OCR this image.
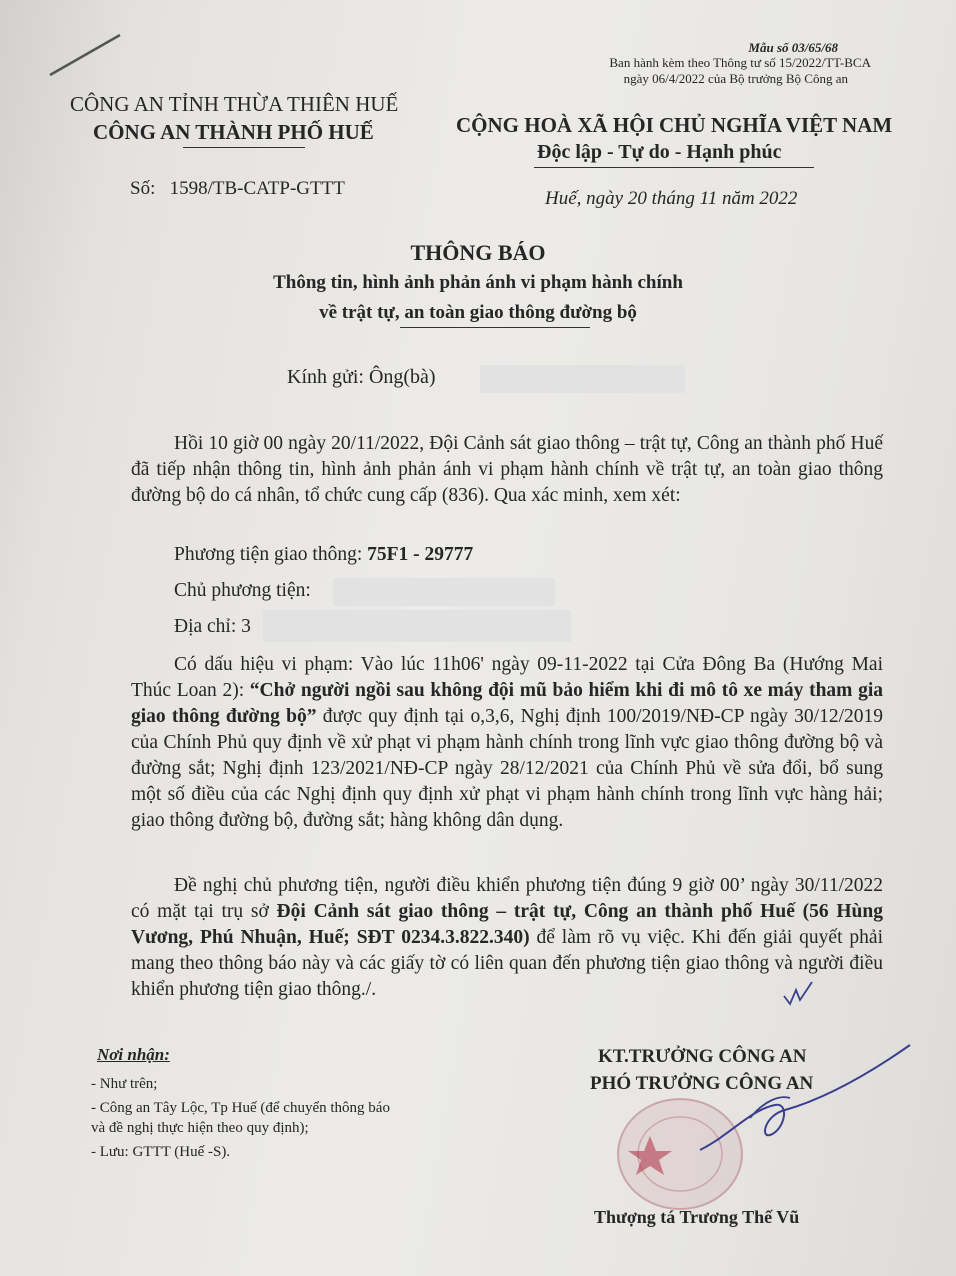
Mẫu số 03/65/68
Ban hành kèm theo Thông tư số 15/2022/TT-BCA
ngày 06/4/2022 của Bộ trưởng Bộ Công an
CÔNG AN TỈNH THỪA THIÊN HUẾ
CÔNG AN THÀNH PHỐ HUẾ	CỘNG HOÀ XÃ HỘI CHỦ NGHĨA VIỆT NAM
Độc lập - Tự do - Hạnh phúc
Số: 1598/TB-CATP-GTTT	Huế, ngày 20 tháng 11 năm 2022
THÔNG BÁO
Thông tin, hình ảnh phản ánh vi phạm hành chính
về trật tự, an toàn giao thông đường bộ
Kính gửi: Ông(bà)
Hồi 10 giờ 00 ngày 20/11/2022, Đội Cảnh sát giao thông – trật tự, Công an thành phố Huế đã tiếp nhận thông tin, hình ảnh phản ánh vi phạm hành chính về trật tự, an toàn giao thông đường bộ do cá nhân, tổ chức cung cấp (836). Qua xác minh, xem xét:
Phương tiện giao thông: 75F1 - 29777
Chủ phương tiện:
Địa chỉ: 3
Có dấu hiệu vi phạm: Vào lúc 11h06' ngày 09-11-2022 tại Cửa Đông Ba (Hướng Mai Thúc Loan 2): “Chở người ngồi sau không đội mũ bảo hiểm khi đi mô tô xe máy tham gia giao thông đường bộ” được quy định tại o,3,6, Nghị định 100/2019/NĐ-CP ngày 30/12/2019 của Chính Phủ quy định về xử phạt vi phạm hành chính trong lĩnh vực giao thông đường bộ và đường sắt; Nghị định 123/2021/NĐ-CP ngày 28/12/2021 của Chính Phủ về sửa đổi, bổ sung một số điều của các Nghị định quy định xử phạt vi phạm hành chính trong lĩnh vực hàng hải; giao thông đường bộ, đường sắt; hàng không dân dụng.
Đề nghị chủ phương tiện, người điều khiển phương tiện đúng 9 giờ 00’ ngày 30/11/2022 có mặt tại trụ sở Đội Cảnh sát giao thông – trật tự, Công an thành phố Huế (56 Hùng Vương, Phú Nhuận, Huế; SĐT 0234.3.822.340) để làm rõ vụ việc. Khi đến giải quyết phải mang theo thông báo này và các giấy tờ có liên quan đến phương tiện giao thông và người điều khiển phương tiện giao thông./.
Nơi nhận:
- Như trên;
- Công an Tây Lộc, Tp Huế (để chuyển thông báo
và đề nghị thực hiện theo quy định);
- Lưu: GTTT (Huế -S).
KT.TRƯỞNG CÔNG AN
PHÓ TRƯỞNG CÔNG AN
Thượng tá Trương Thế Vũ
